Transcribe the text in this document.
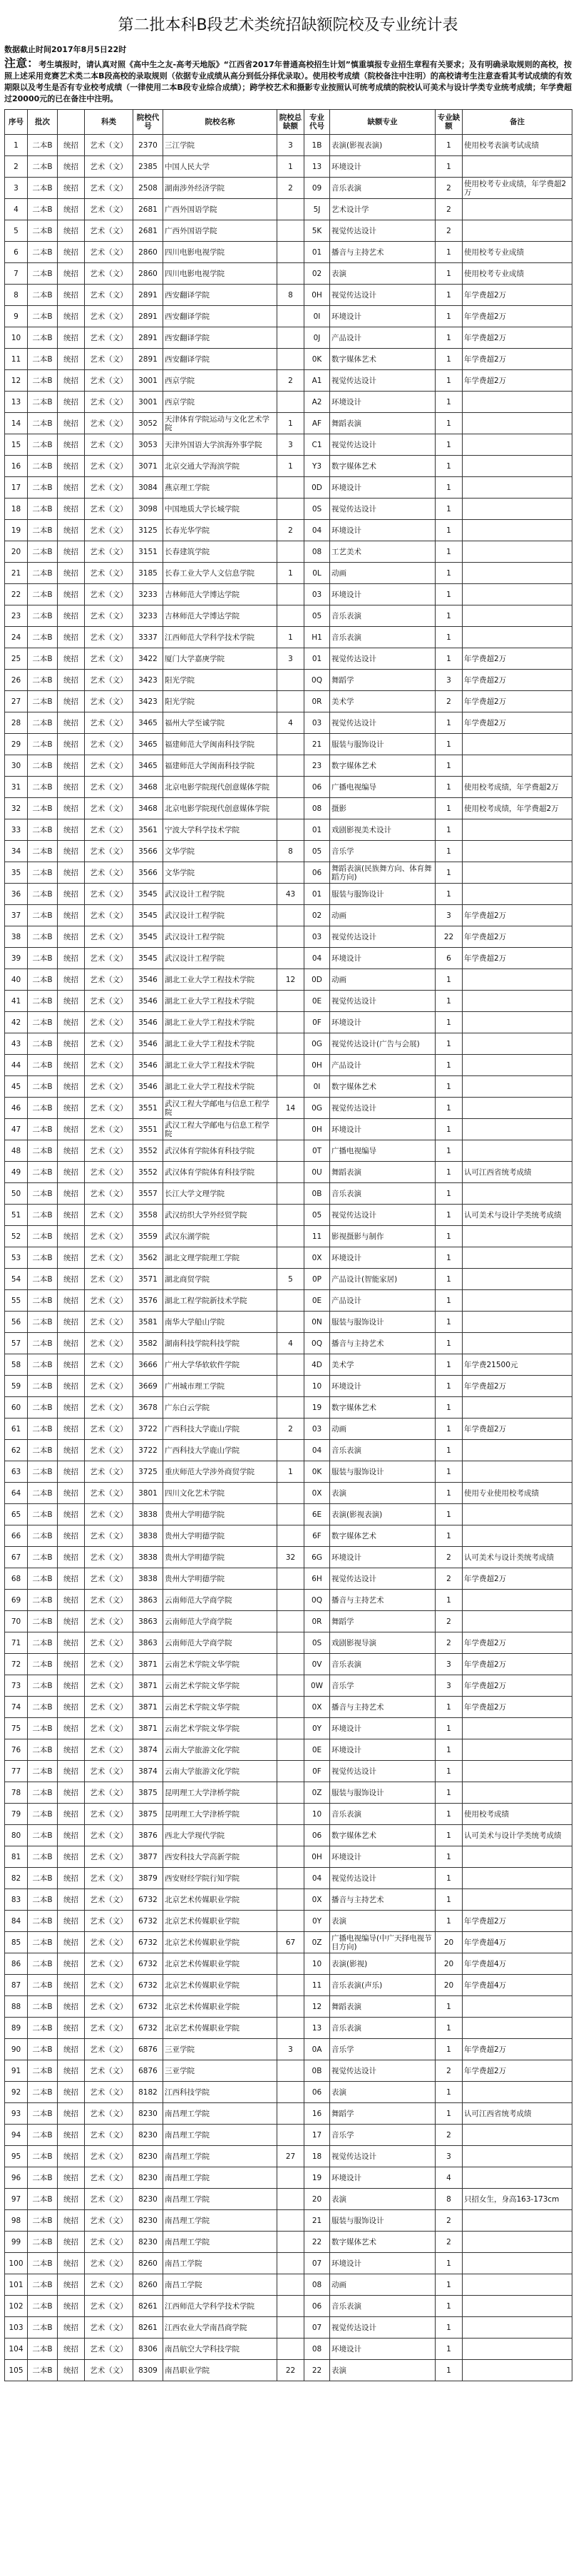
第二批本科B段艺术类统招缺额院校及专业统计表
数据截止时间2017年8月5日22时
注意：考生填报时，请认真对照《高中生之友-高考天地版》“江西省2017年普通高校招生计划”慎重填报专业招生章程有关要求；及有明确录取规则的高校，按照上述采用竞赛艺术类二本B段高校的录取规则（依据专业成绩从高分到低分择优录取）。使用校考成绩（院校备注中注明）的高校请考生注意查看其考试成绩的有效期限以及考生是否有专业校考成绩（一律使用二本B段专业综合成绩）；跨学校艺术和摄影专业按照认可统考成绩的院校认可美术与设计学类专业统考成绩；年学费超过20000元的已在备注中注明。
序号	批次		科类	院校代号	院校名称	院校总缺额	专业代号	缺额专业	专业缺额	备注
1	二本B	统招	艺术（文）	2370	三江学院	3	1B	表演(影视表演)	1	使用校考表演考试成绩
2	二本B	统招	艺术（文）	2385	中国人民大学	1	13	环境设计	1	
3	二本B	统招	艺术（文）	2508	湖南涉外经济学院	2	09	音乐表演	2	使用校考专业成绩，年学费超2万
4	二本B	统招	艺术（文）	2681	广西外国语学院		5J	艺术设计学	2	
5	二本B	统招	艺术（文）	2681	广西外国语学院		5K	视觉传达设计	2	
6	二本B	统招	艺术（文）	2860	四川电影电视学院		01	播音与主持艺术	1	使用校考专业成绩
7	二本B	统招	艺术（文）	2860	四川电影电视学院		02	表演	1	使用校考专业成绩
8	二本B	统招	艺术（文）	2891	西安翻译学院	8	0H	视觉传达设计	1	年学费超2万
9	二本B	统招	艺术（文）	2891	西安翻译学院		0I	环境设计	1	年学费超2万
10	二本B	统招	艺术（文）	2891	西安翻译学院		0J	产品设计	1	年学费超2万
11	二本B	统招	艺术（文）	2891	西安翻译学院		0K	数字媒体艺术	1	年学费超2万
12	二本B	统招	艺术（文）	3001	西京学院	2	A1	视觉传达设计	1	年学费超2万
13	二本B	统招	艺术（文）	3001	西京学院		A2	环境设计	1	
14	二本B	统招	艺术（文）	3052	天津体育学院运动与文化艺术学院	1	AF	舞蹈表演	1	
15	二本B	统招	艺术（文）	3053	天津外国语大学滨海外事学院	3	C1	视觉传达设计	1	
16	二本B	统招	艺术（文）	3071	北京交通大学海滨学院	1	Y3	数字媒体艺术	1	
17	二本B	统招	艺术（文）	3084	燕京理工学院		0D	环境设计	1	
18	二本B	统招	艺术（文）	3098	中国地质大学长城学院		0S	视觉传达设计	1	
19	二本B	统招	艺术（文）	3125	长春光华学院	2	04	环境设计	1	
20	二本B	统招	艺术（文）	3151	长春建筑学院		08	工艺美术	1	
21	二本B	统招	艺术（文）	3185	长春工业大学人文信息学院	1	0L	动画	1	
22	二本B	统招	艺术（文）	3233	吉林师范大学博达学院		03	环境设计	1	
23	二本B	统招	艺术（文）	3233	吉林师范大学博达学院		05	音乐表演	1	
24	二本B	统招	艺术（文）	3337	江西师范大学科学技术学院	1	H1	音乐表演	1	
25	二本B	统招	艺术（文）	3422	厦门大学嘉庚学院	3	01	视觉传达设计	1	年学费超2万
26	二本B	统招	艺术（文）	3423	阳光学院		0Q	舞蹈学	3	年学费超2万
27	二本B	统招	艺术（文）	3423	阳光学院		0R	美术学	2	年学费超2万
28	二本B	统招	艺术（文）	3465	福州大学至诚学院	4	03	视觉传达设计	1	年学费超2万
29	二本B	统招	艺术（文）	3465	福建师范大学闽南科技学院		21	服装与服饰设计	1	
30	二本B	统招	艺术（文）	3465	福建师范大学闽南科技学院		23	数字媒体艺术	1	
31	二本B	统招	艺术（文）	3468	北京电影学院现代创意媒体学院		06	广播电视编导	1	使用校考成绩，年学费超2万
32	二本B	统招	艺术（文）	3468	北京电影学院现代创意媒体学院		08	摄影	1	使用校考成绩，年学费超2万
33	二本B	统招	艺术（文）	3561	宁波大学科学技术学院		01	戏剧影视美术设计	1	
34	二本B	统招	艺术（文）	3566	文华学院	8	05	音乐学	1	
35	二本B	统招	艺术（文）	3566	文华学院		06	舞蹈表演(民族舞方向、体育舞蹈方向)	1	
36	二本B	统招	艺术（文）	3545	武汉设计工程学院	43	01	服装与服饰设计	1	
37	二本B	统招	艺术（文）	3545	武汉设计工程学院		02	动画	3	年学费超2万
38	二本B	统招	艺术（文）	3545	武汉设计工程学院		03	视觉传达设计	22	年学费超2万
39	二本B	统招	艺术（文）	3545	武汉设计工程学院		04	环境设计	6	年学费超2万
40	二本B	统招	艺术（文）	3546	湖北工业大学工程技术学院	12	0D	动画	1	
41	二本B	统招	艺术（文）	3546	湖北工业大学工程技术学院		0E	视觉传达设计	1	
42	二本B	统招	艺术（文）	3546	湖北工业大学工程技术学院		0F	环境设计	1	
43	二本B	统招	艺术（文）	3546	湖北工业大学工程技术学院		0G	视觉传达设计(广告与会展)	1	
44	二本B	统招	艺术（文）	3546	湖北工业大学工程技术学院		0H	产品设计	1	
45	二本B	统招	艺术（文）	3546	湖北工业大学工程技术学院		0I	数字媒体艺术	1	
46	二本B	统招	艺术（文）	3551	武汉工程大学邮电与信息工程学院	14	0G	视觉传达设计	1	
47	二本B	统招	艺术（文）	3551	武汉工程大学邮电与信息工程学院		0H	环境设计	1	
48	二本B	统招	艺术（文）	3552	武汉体育学院体育科技学院		0T	广播电视编导	1	
49	二本B	统招	艺术（文）	3552	武汉体育学院体育科技学院		0U	舞蹈表演	1	认可江西省统考成绩
50	二本B	统招	艺术（文）	3557	长江大学文理学院		0B	音乐表演	1	
51	二本B	统招	艺术（文）	3558	武汉纺织大学外经贸学院		05	视觉传达设计	1	认可美术与设计学类统考成绩
52	二本B	统招	艺术（文）	3559	武汉东湖学院		11	影视摄影与制作	1	
53	二本B	统招	艺术（文）	3562	湖北文理学院理工学院		0X	环境设计	1	
54	二本B	统招	艺术（文）	3571	湖北商贸学院	5	0P	产品设计(智能家居)	1	
55	二本B	统招	艺术（文）	3576	湖北工程学院新技术学院		0E	产品设计	1	
56	二本B	统招	艺术（文）	3581	南华大学船山学院		0N	服装与服饰设计	1	
57	二本B	统招	艺术（文）	3582	湖南科技学院科技学院	4	0Q	播音与主持艺术	1	
58	二本B	统招	艺术（文）	3666	广州大学华软软件学院		4D	美术学	1	年学费21500元
59	二本B	统招	艺术（文）	3669	广州城市理工学院		10	环境设计	1	年学费超2万
60	二本B	统招	艺术（文）	3678	广东白云学院		19	数字媒体艺术	1	
61	二本B	统招	艺术（文）	3722	广西科技大学鹿山学院	2	03	动画	1	年学费超2万
62	二本B	统招	艺术（文）	3722	广西科技大学鹿山学院		04	音乐表演	1	
63	二本B	统招	艺术（文）	3725	重庆师范大学涉外商贸学院	1	0K	服装与服饰设计	1	
64	二本B	统招	艺术（文）	3801	四川文化艺术学院		0X	表演	1	使用专业使用校考成绩
65	二本B	统招	艺术（文）	3838	贵州大学明德学院		6E	表演(影视表演)	1	
66	二本B	统招	艺术（文）	3838	贵州大学明德学院		6F	数字媒体艺术	1	
67	二本B	统招	艺术（文）	3838	贵州大学明德学院	32	6G	环境设计	2	认可美术与设计类统考成绩
68	二本B	统招	艺术（文）	3838	贵州大学明德学院		6H	视觉传达设计	2	年学费超2万
69	二本B	统招	艺术（文）	3863	云南师范大学商学院		0Q	播音与主持艺术	1	
70	二本B	统招	艺术（文）	3863	云南师范大学商学院		0R	舞蹈学	2	
71	二本B	统招	艺术（文）	3863	云南师范大学商学院		0S	戏剧影视导演	2	年学费超2万
72	二本B	统招	艺术（文）	3871	云南艺术学院文华学院		0V	音乐表演	3	年学费超2万
73	二本B	统招	艺术（文）	3871	云南艺术学院文华学院		0W	音乐学	3	年学费超2万
74	二本B	统招	艺术（文）	3871	云南艺术学院文华学院		0X	播音与主持艺术	1	年学费超2万
75	二本B	统招	艺术（文）	3871	云南艺术学院文华学院		0Y	环境设计	1	
76	二本B	统招	艺术（文）	3874	云南大学旅游文化学院		0E	环境设计	1	
77	二本B	统招	艺术（文）	3874	云南大学旅游文化学院		0F	视觉传达设计	1	
78	二本B	统招	艺术（文）	3875	昆明理工大学津桥学院		0Z	服装与服饰设计	1	
79	二本B	统招	艺术（文）	3875	昆明理工大学津桥学院		10	音乐表演	1	使用校考成绩
80	二本B	统招	艺术（文）	3876	西北大学现代学院		06	数字媒体艺术	1	认可美术与设计学类统考成绩
81	二本B	统招	艺术（文）	3877	西安科技大学高新学院		0H	环境设计	1	
82	二本B	统招	艺术（文）	3879	西安财经学院行知学院		04	视觉传达设计	1	
83	二本B	统招	艺术（文）	6732	北京艺术传媒职业学院		0X	播音与主持艺术	1	
84	二本B	统招	艺术（文）	6732	北京艺术传媒职业学院		0Y	表演	1	年学费超2万
85	二本B	统招	艺术（文）	6732	北京艺术传媒职业学院	67	0Z	广播电视编导(中广天择电视节目方向)	20	年学费超4万
86	二本B	统招	艺术（文）	6732	北京艺术传媒职业学院		10	表演(影视)	20	年学费超4万
87	二本B	统招	艺术（文）	6732	北京艺术传媒职业学院		11	音乐表演(声乐)	20	年学费超4万
88	二本B	统招	艺术（文）	6732	北京艺术传媒职业学院		12	舞蹈表演	1	
89	二本B	统招	艺术（文）	6732	北京艺术传媒职业学院		13	音乐表演	1	
90	二本B	统招	艺术（文）	6876	三亚学院	3	0A	音乐学	1	年学费超2万
91	二本B	统招	艺术（文）	6876	三亚学院		0B	视觉传达设计	2	年学费超2万
92	二本B	统招	艺术（文）	8182	江西科技学院		06	表演	1	
93	二本B	统招	艺术（文）	8230	南昌理工学院		16	舞蹈学	1	认可江西省统考成绩
94	二本B	统招	艺术（文）	8230	南昌理工学院		17	音乐学	2	
95	二本B	统招	艺术（文）	8230	南昌理工学院	27	18	视觉传达设计	3	
96	二本B	统招	艺术（文）	8230	南昌理工学院		19	环境设计	4	
97	二本B	统招	艺术（文）	8230	南昌理工学院		20	表演	8	只招女生，身高163-173cm
98	二本B	统招	艺术（文）	8230	南昌理工学院		21	服装与服饰设计	2	
99	二本B	统招	艺术（文）	8230	南昌理工学院		22	数字媒体艺术	2	
100	二本B	统招	艺术（文）	8260	南昌工学院		07	环境设计	1	
101	二本B	统招	艺术（文）	8260	南昌工学院		08	动画	1	
102	二本B	统招	艺术（文）	8261	江西师范大学科学技术学院		06	音乐表演	1	
103	二本B	统招	艺术（文）	8261	江西农业大学南昌商学院		07	视觉传达设计	1	
104	二本B	统招	艺术（文）	8306	南昌航空大学科技学院		08	环境设计	1	
105	二本B	统招	艺术（文）	8309	南昌职业学院	22	22	表演	1	
